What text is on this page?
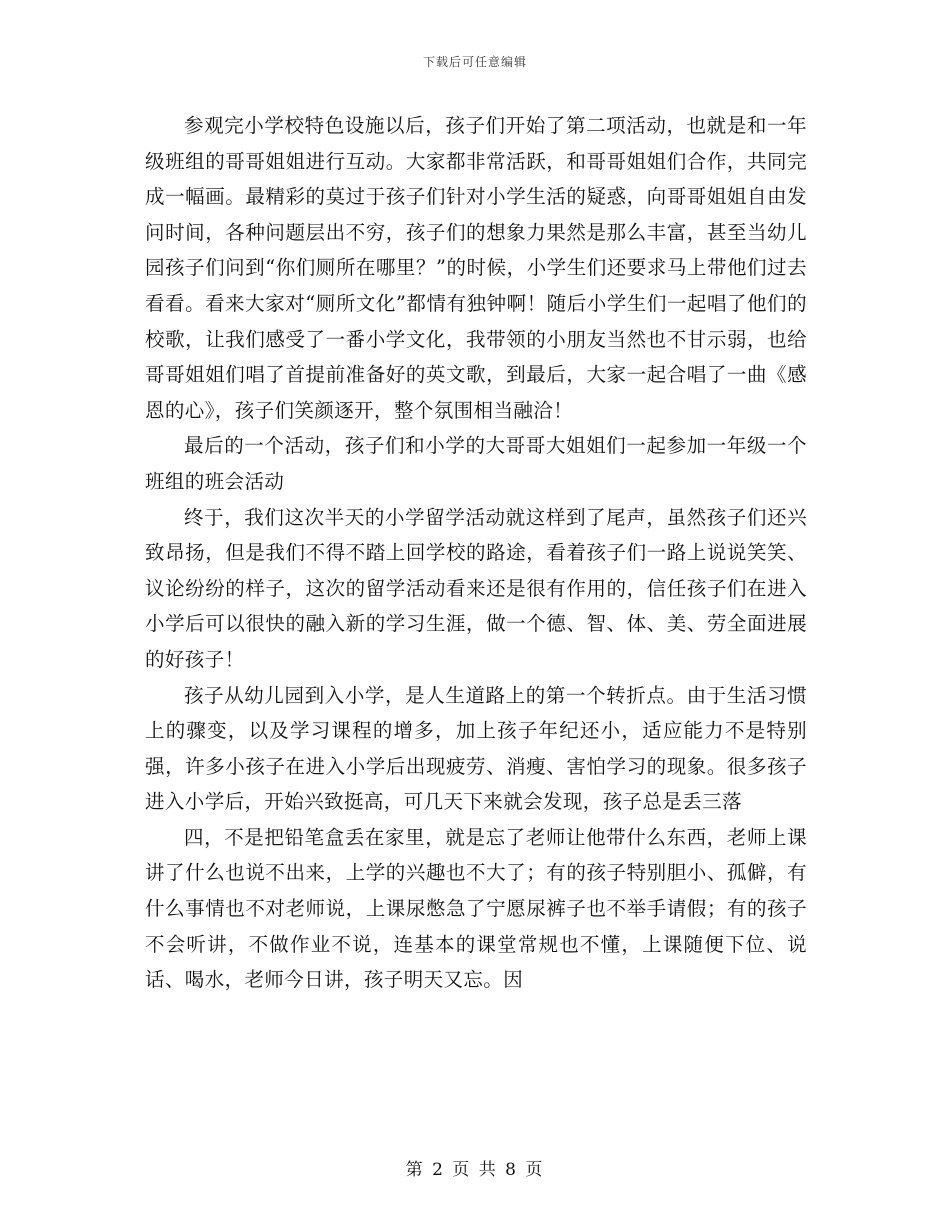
下载后可任意编辑

参观完小学校特色设施以后，孩子们开始了第二项活动，也就是和一年级班组的哥哥姐姐进行互动。大家都非常活跃，和哥哥姐姐们合作，共同完成一幅画。最精彩的莫过于孩子们针对小学生活的疑惑，向哥哥姐姐自由发问时间，各种问题层出不穷，孩子们的想象力果然是那么丰富，甚至当幼儿园孩子们问到“你们厕所在哪里？”的时候，小学生们还要求马上带他们过去看看。看来大家对“厕所文化”都情有独钟啊！随后小学生们一起唱了他们的校歌，让我们感受了一番小学文化，我带领的小朋友当然也不甘示弱，也给哥哥姐姐们唱了首提前准备好的英文歌，到最后，大家一起合唱了一曲《感恩的心》，孩子们笑颜逐开，整个氛围相当融洽！

最后的一个活动，孩子们和小学的大哥哥大姐姐们一起参加一年级一个班组的班会活动

终于，我们这次半天的小学留学活动就这样到了尾声，虽然孩子们还兴致昂扬，但是我们不得不踏上回学校的路途，看着孩子们一路上说说笑笑、议论纷纷的样子，这次的留学活动看来还是很有作用的，信任孩子们在进入小学后可以很快的融入新的学习生涯，做一个德、智、体、美、劳全面进展的好孩子！

孩子从幼儿园到入小学，是人生道路上的第一个转折点。由于生活习惯上的骤变，以及学习课程的增多，加上孩子年纪还小，适应能力不是特别强，许多小孩子在进入小学后出现疲劳、消瘦、害怕学习的现象。很多孩子进入小学后，开始兴致挺高，可几天下来就会发现，孩子总是丢三落

四，不是把铅笔盒丢在家里，就是忘了老师让他带什么东西，老师上课讲了什么也说不出来，上学的兴趣也不大了；有的孩子特别胆小、孤僻，有什么事情也不对老师说，上课尿憋急了宁愿尿裤子也不举手请假；有的孩子不会听讲，不做作业不说，连基本的课堂常规也不懂，上课随便下位、说话、喝水，老师今日讲，孩子明天又忘。因

第 2 页 共 8 页
